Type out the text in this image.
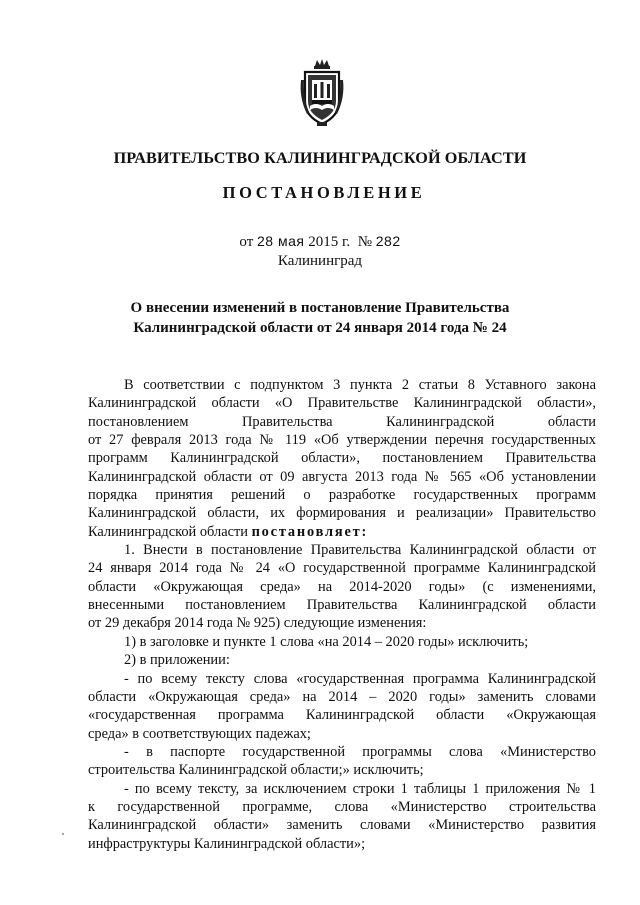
ПРАВИТЕЛЬСТВО КАЛИНИНГРАДСКОЙ ОБЛАСТИ
ПОСТАНОВЛЕНИЕ
от 28 мая 2015 г. № 282
Калининград
О внесении изменений в постановление Правительства
Калининградской области от 24 января 2014 года № 24
В соответствии с подпунктом 3 пункта 2 статьи 8 Уставного закона
Калининградской области «О Правительстве Калининградской области»,
постановлением Правительства Калининградской области
от 27 февраля 2013 года № 119 «Об утверждении перечня государственных
программ Калининградской области», постановлением Правительства
Калининградской области от 09 августа 2013 года № 565 «Об установлении
порядка принятия решений о разработке государственных программ
Калининградской области, их формирования и реализации» Правительство
Калининградской области постановляет:
1. Внести в постановление Правительства Калининградской области от
24 января 2014 года № 24 «О государственной программе Калининградской
области «Окружающая среда» на 2014-2020 годы» (с изменениями,
внесенными постановлением Правительства Калининградской области
от 29 декабря 2014 года № 925) следующие изменения:
1) в заголовке и пункте 1 слова «на 2014 – 2020 годы» исключить;
2) в приложении:
- по всему тексту слова «государственная программа Калининградской
области «Окружающая среда» на 2014 – 2020 годы» заменить словами
«государственная программа Калининградской области «Окружающая
среда» в соответствующих падежах;
- в паспорте государственной программы слова «Министерство
строительства Калининградской области;» исключить;
- по всему тексту, за исключением строки 1 таблицы 1 приложения № 1
к государственной программе, слова «Министерство строительства
Калининградской области» заменить словами «Министерство развития
инфраструктуры Калининградской области»;
